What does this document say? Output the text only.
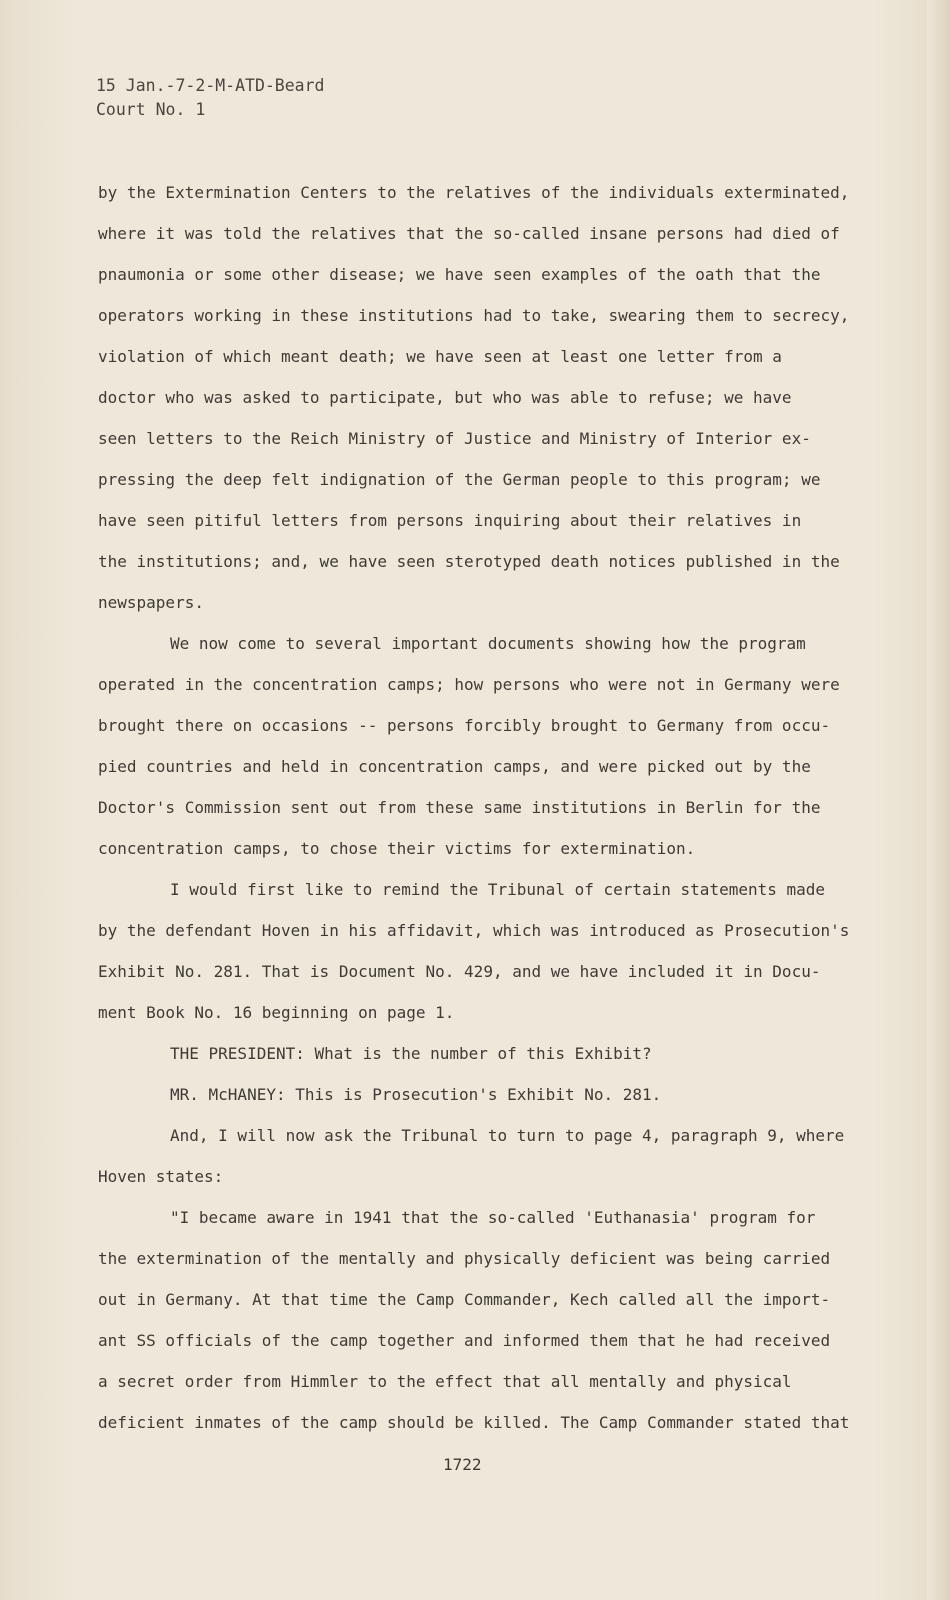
15 Jan.-7-2-M-ATD-Beard
Court No. 1
by the Extermination Centers to the relatives of the individuals exterminated,
where it was told the relatives that the so-called insane persons had died of
pnaumonia or some other disease; we have seen examples of the oath that the
operators working in these institutions had to take, swearing them to secrecy,
violation of which meant death; we have seen at least one letter from a
doctor who was asked to participate, but who was able to refuse; we have
seen letters to the Reich Ministry of Justice and Ministry of Interior ex-
pressing the deep felt indignation of the German people to this program; we
have seen pitiful letters from persons inquiring about their relatives in
the institutions; and, we have seen sterotyped death notices published in the
newspapers.
We now come to several important documents showing how the program
operated in the concentration camps; how persons who were not in Germany were
brought there on occasions -- persons forcibly brought to Germany from occu-
pied countries and held in concentration camps, and were picked out by the
Doctor's Commission sent out from these same institutions in Berlin for the
concentration camps, to chose their victims for extermination.
I would first like to remind the Tribunal of certain statements made
by the defendant Hoven in his affidavit, which was introduced as Prosecution's
Exhibit No. 281. That is Document No. 429, and we have included it in Docu-
ment Book No. 16 beginning on page 1.
THE PRESIDENT: What is the number of this Exhibit?
MR. McHANEY: This is Prosecution's Exhibit No. 281.
And, I will now ask the Tribunal to turn to page 4, paragraph 9, where
Hoven states:
"I became aware in 1941 that the so-called 'Euthanasia' program for
the extermination of the mentally and physically deficient was being carried
out in Germany. At that time the Camp Commander, Kech called all the import-
ant SS officials of the camp together and informed them that he had received
a secret order from Himmler to the effect that all mentally and physical
deficient inmates of the camp should be killed. The Camp Commander stated that
1722
